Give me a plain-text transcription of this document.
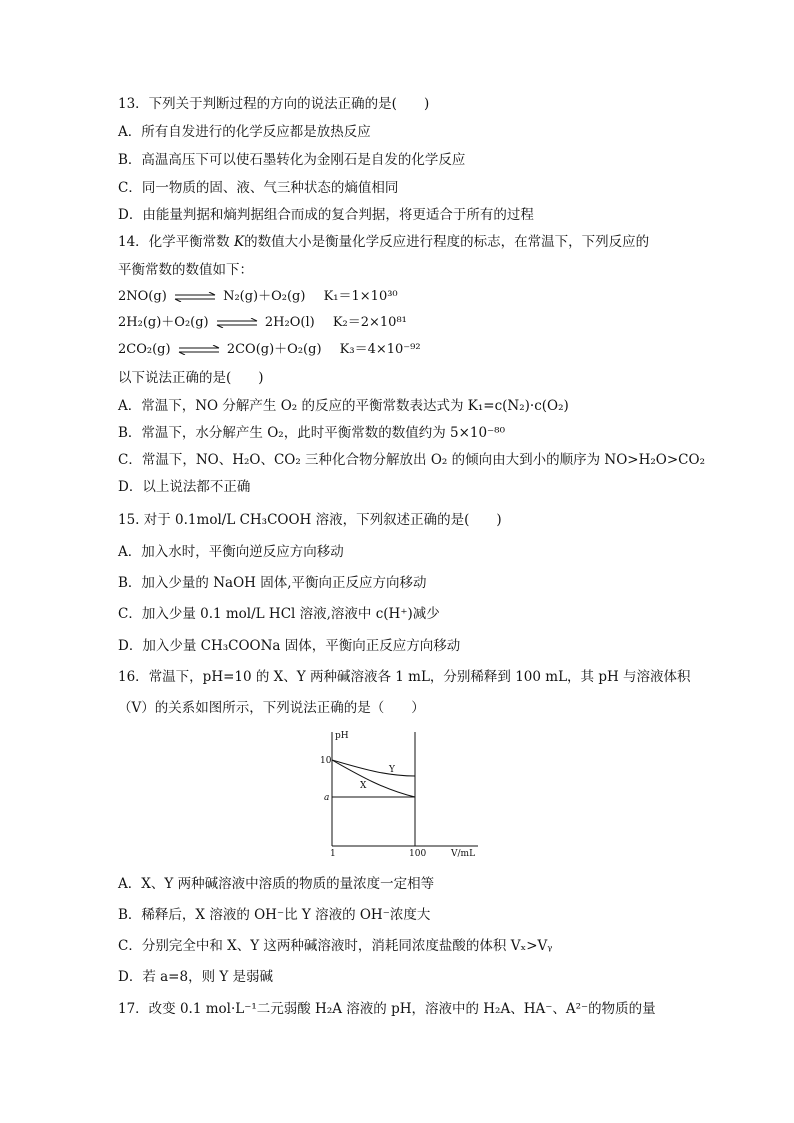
13．下列关于判断过程的方向的说法正确的是(　　)
A．所有自发进行的化学反应都是放热反应
B．高温高压下可以使石墨转化为金刚石是自发的化学反应
C．同一物质的固、液、气三种状态的熵值相同
D．由能量判据和熵判据组合而成的复合判据，将更适合于所有的过程
14．化学平衡常数 K的数值大小是衡量化学反应进行程度的标志，在常温下，下列反应的
平衡常数的数值如下：
2NO(g) ⇌ N₂(g)＋O₂(g) K₁＝1×10³⁰
2H₂(g)＋O₂(g) ⇌ 2H₂O(l) K₂＝2×10⁸¹
2CO₂(g) ⇌ 2CO(g)＋O₂(g) K₃＝4×10⁻⁹²
以下说法正确的是(　　)
A．常温下，NO 分解产生 O₂ 的反应的平衡常数表达式为 K₁=c(N₂)·c(O₂)
B．常温下，水分解产生 O₂，此时平衡常数的数值约为 5×10⁻⁸⁰
C．常温下，NO、H₂O、CO₂ 三种化合物分解放出 O₂ 的倾向由大到小的顺序为 NO>H₂O>CO₂
D．以上说法都不正确
15. 对于 0.1mol/L CH₃COOH 溶液，下列叙述正确的是(　　)
A．加入水时，平衡向逆反应方向移动
B．加入少量的 NaOH 固体,平衡向正反应方向移动
C．加入少量 0.1 mol/L HCl 溶液,溶液中 c(H⁺)减少
D．加入少量 CH₃COONa 固体，平衡向正反应方向移动
16．常温下，pH=10 的 X、Y 两种碱溶液各 1 mL，分别稀释到 100 mL，其 pH 与溶液体积
（V）的关系如图所示，下列说法正确的是（　　）
pH
10
a
1	100	V/mL
Y
X
A．X、Y 两种碱溶液中溶质的物质的量浓度一定相等
B．稀释后，X 溶液的 OH⁻比 Y 溶液的 OH⁻浓度大
C．分别完全中和 X、Y 这两种碱溶液时，消耗同浓度盐酸的体积 Vₓ>Vᵧ
D．若 a=8，则 Y 是弱碱
17．改变 0.1 mol·L⁻¹二元弱酸 H₂A 溶液的 pH，溶液中的 H₂A、HA⁻、A²⁻的物质的量
